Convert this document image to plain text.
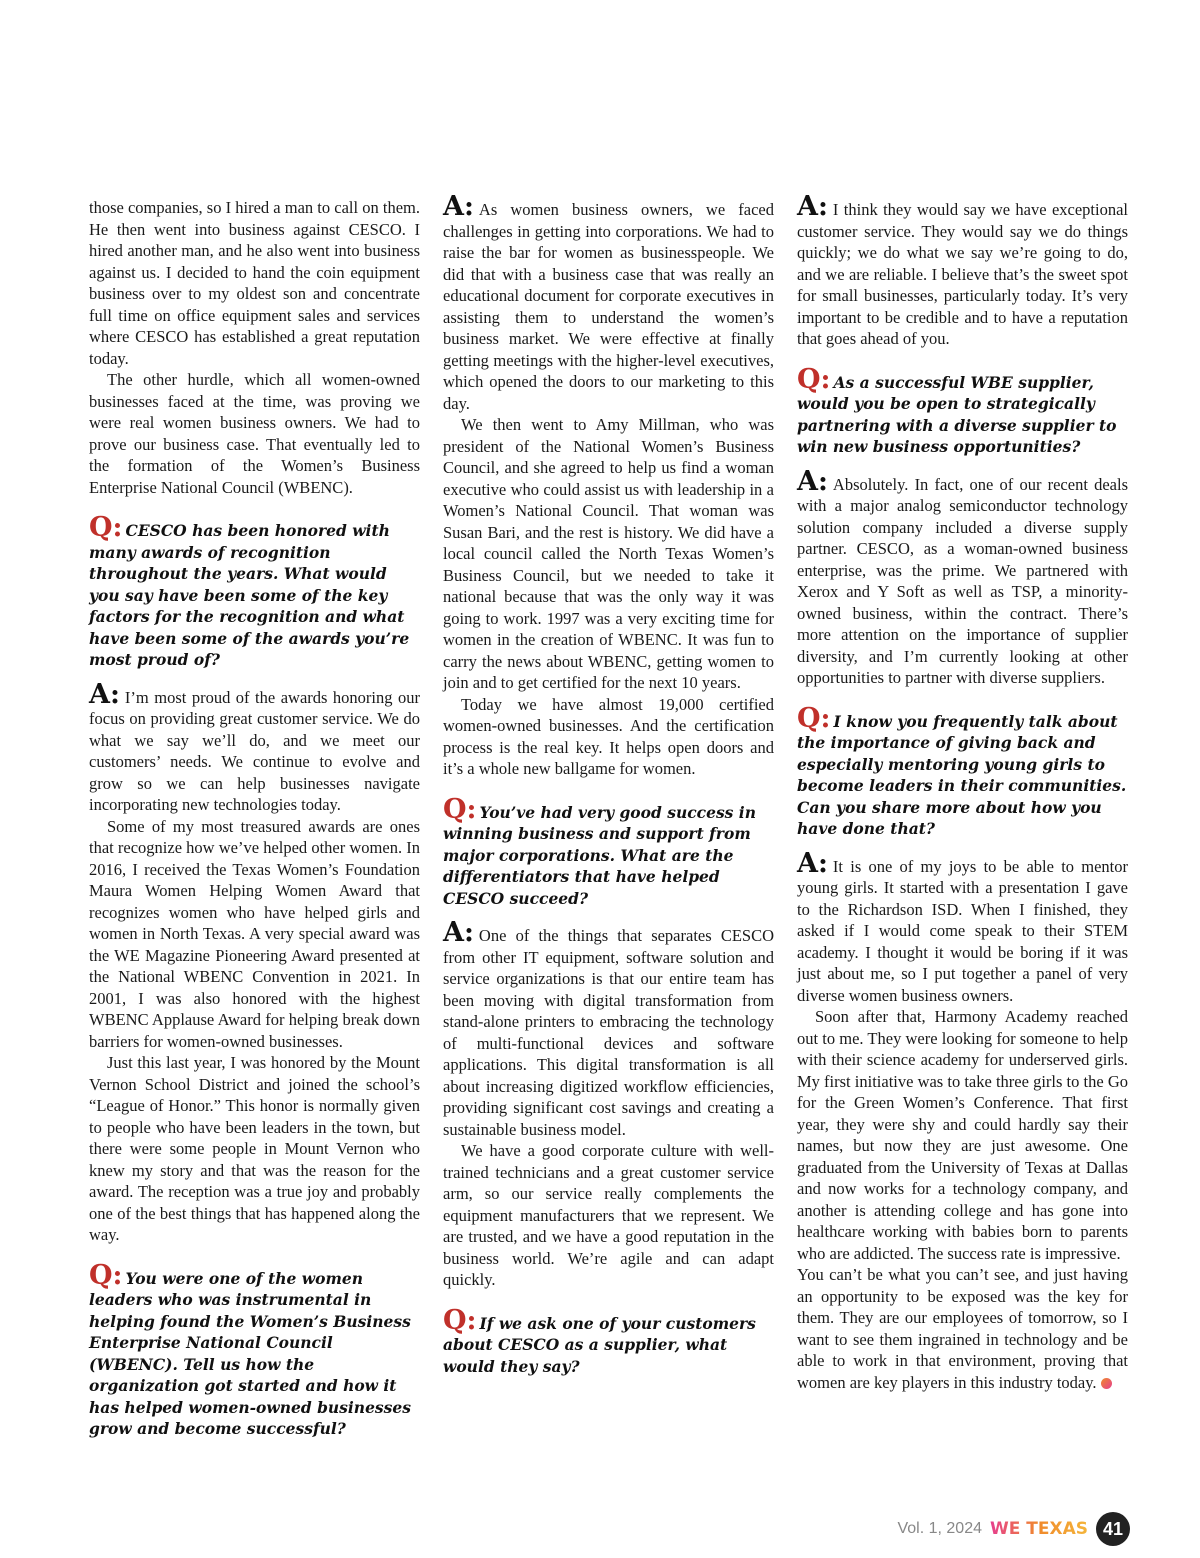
those companies, so I hired a man to call on them. He then went into business against CESCO. I hired another man, and he also went into business against us. I decided to hand the coin equipment business over to my oldest son and concentrate full time on office equipment sales and services where CESCO has established a great reputation today.

The other hurdle, which all women-owned businesses faced at the time, was proving we were real women business owners. We had to prove our business case. That eventually led to the formation of the Women’s Business Enterprise National Council (WBENC).

Q: CESCO has been honored with many awards of recognition throughout the years. What would you say have been some of the key factors for the recognition and what have been some of the awards you’re most proud of?

A: I’m most proud of the awards honoring our focus on providing great customer service. We do what we say we’ll do, and we meet our customers’ needs. We continue to evolve and grow so we can help businesses navigate incorporating new technologies today.

Some of my most treasured awards are ones that recognize how we’ve helped other women. In 2016, I received the Texas Women’s Foundation Maura Women Helping Women Award that recognizes women who have helped girls and women in North Texas. A very special award was the WE Magazine Pioneering Award presented at the National WBENC Convention in 2021. In 2001, I was also honored with the highest WBENC Applause Award for helping break down barriers for women-owned businesses.

Just this last year, I was honored by the Mount Vernon School District and joined the school’s “League of Honor.” This honor is normally given to people who have been leaders in the town, but there were some people in Mount Vernon who knew my story and that was the reason for the award. The reception was a true joy and probably one of the best things that has happened along the way.

Q: You were one of the women leaders who was instrumental in helping found the Women’s Business Enterprise National Council (WBENC). Tell us how the organization got started and how it has helped women-owned businesses grow and become successful?

A: As women business owners, we faced challenges in getting into corporations. We had to raise the bar for women as businesspeople. We did that with a business case that was really an educational document for corporate executives in assisting them to understand the women’s business market. We were effective at finally getting meetings with the higher-level executives, which opened the doors to our marketing to this day.

We then went to Amy Millman, who was president of the National Women’s Business Council, and she agreed to help us find a woman executive who could assist us with leadership in a Women’s National Council. That woman was Susan Bari, and the rest is history. We did have a local council called the North Texas Women’s Business Council, but we needed to take it national because that was the only way it was going to work. 1997 was a very exciting time for women in the creation of WBENC. It was fun to carry the news about WBENC, getting women to join and to get certified for the next 10 years.

Today we have almost 19,000 certified women-owned businesses. And the certification process is the real key. It helps open doors and it’s a whole new ballgame for women.

Q: You’ve had very good success in winning business and support from major corporations. What are the differentiators that have helped CESCO succeed?

A: One of the things that separates CESCO from other IT equipment, software solution and service organizations is that our entire team has been moving with digital transformation from stand-alone printers to embracing the technology of multi-functional devices and software applications. This digital transformation is all about increasing digitized workflow efficiencies, providing significant cost savings and creating a sustainable business model.

We have a good corporate culture with well-trained technicians and a great customer service arm, so our service really complements the equipment manufacturers that we represent. We are trusted, and we have a good reputation in the business world. We’re agile and can adapt quickly.

Q: If we ask one of your customers about CESCO as a supplier, what would they say?

A: I think they would say we have exceptional customer service. They would say we do things quickly; we do what we say we’re going to do, and we are reliable. I believe that’s the sweet spot for small businesses, particularly today. It’s very important to be credible and to have a reputation that goes ahead of you.

Q: As a successful WBE supplier, would you be open to strategically partnering with a diverse supplier to win new business opportunities?

A: Absolutely. In fact, one of our recent deals with a major analog semiconductor technology solution company included a diverse supply partner. CESCO, as a woman-owned business enterprise, was the prime. We partnered with Xerox and Y Soft as well as TSP, a minority-owned business, within the contract. There’s more attention on the importance of supplier diversity, and I’m currently looking at other opportunities to partner with diverse suppliers.

Q: I know you frequently talk about the importance of giving back and especially mentoring young girls to become leaders in their communities. Can you share more about how you have done that?

A: It is one of my joys to be able to mentor young girls. It started with a presentation I gave to the Richardson ISD. When I finished, they asked if I would come speak to their STEM academy. I thought it would be boring if it was just about me, so I put together a panel of very diverse women business owners.

Soon after that, Harmony Academy reached out to me. They were looking for someone to help with their science academy for underserved girls. My first initiative was to take three girls to the Go for the Green Women’s Conference. That first year, they were shy and could hardly say their names, but now they are just awesome. One graduated from the University of Texas at Dallas and now works for a technology company, and another is attending college and has gone into healthcare working with babies born to parents who are addicted. The success rate is impressive.

You can’t be what you can’t see, and just having an opportunity to be exposed was the key for them. They are our employees of tomorrow, so I want to see them ingrained in technology and be able to work in that environment, proving that women are key players in this industry today.

Vol. 1, 2024 WE TEXAS 41
